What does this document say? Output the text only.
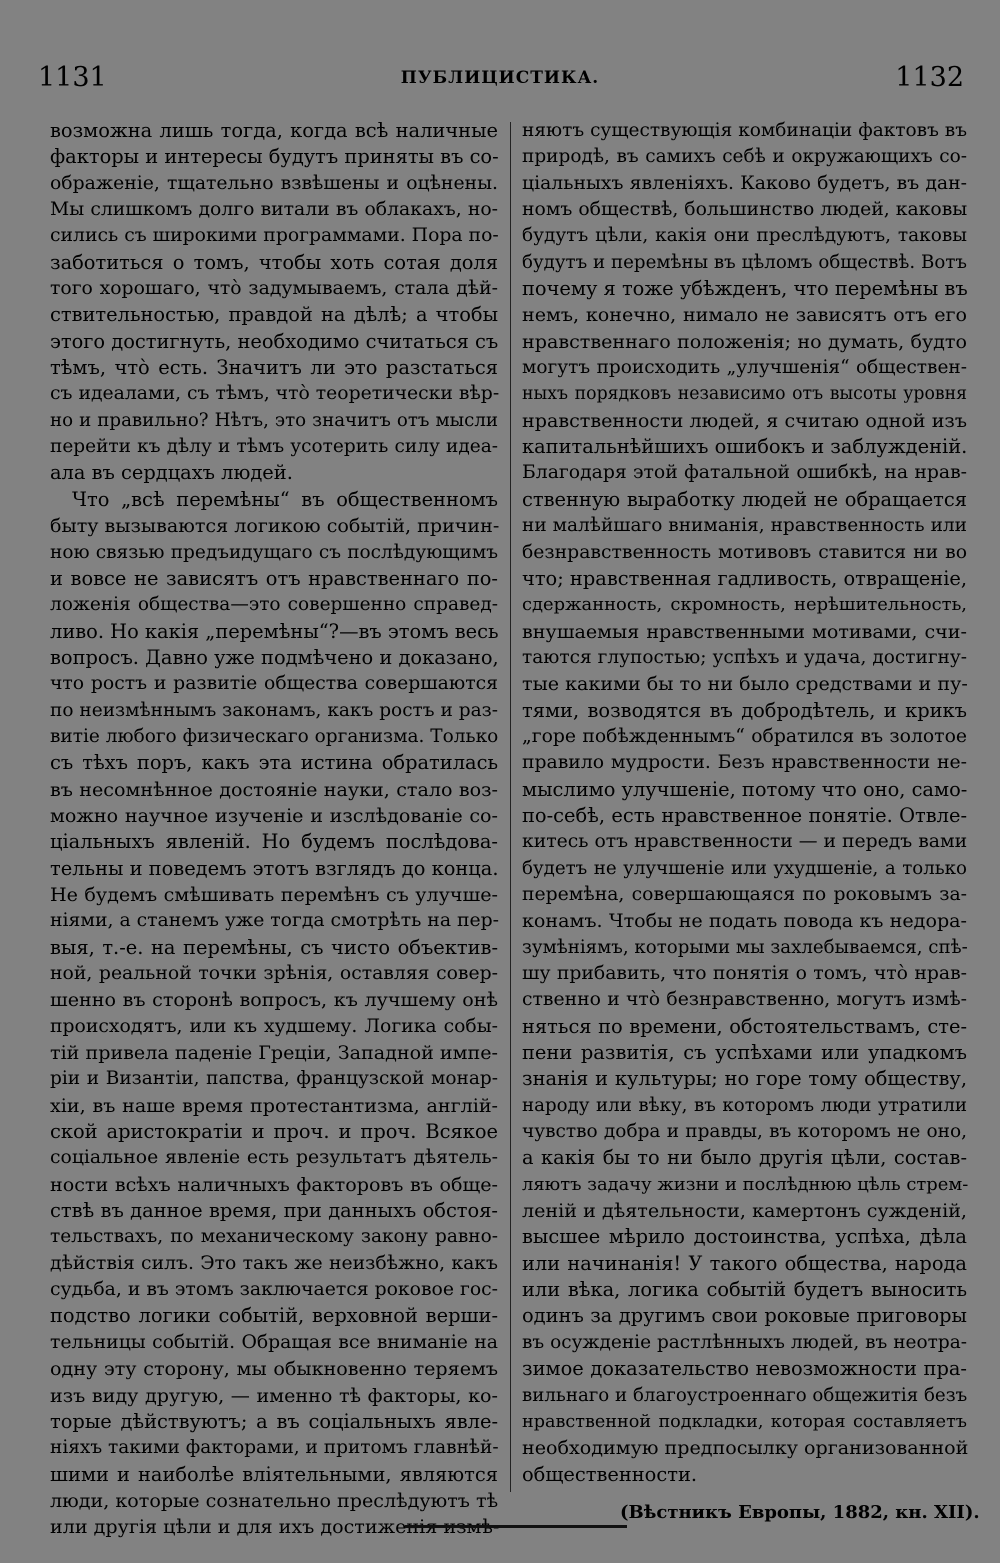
1131	ПУБЛИЦИСТИКА.	1132
возможна лишь тогда, когда всѣ наличные
факторы и интересы будутъ приняты въ со-
ображеніе, тщательно взвѣшены и оцѣнены.
Мы слишкомъ долго витали въ облакахъ, но-
сились съ широкими программами. Пора по-
заботиться о томъ, чтобы хоть сотая доля
того хорошаго, что̀ задумываемъ, стала дѣй-
ствительностью, правдой на дѣлѣ; а чтобы
этого достигнуть, необходимо считаться съ
тѣмъ, что̀ есть. Значитъ ли это разстаться
съ идеалами, съ тѣмъ, что̀ теоретически вѣр-
но и правильно? Нѣтъ, это значитъ отъ мысли
перейти къ дѣлу и тѣмъ усотерить силу идеа-
ала въ сердцахъ людей.
Что „всѣ перемѣны“ въ общественномъ
быту вызываются логикою событій, причин-
ною связью предъидущаго съ послѣдующимъ
и вовсе не зависятъ отъ нравственнаго по-
ложенія общества—это совершенно справед-
ливо. Но какія „перемѣны“?—въ этомъ весь
вопросъ. Давно уже подмѣчено и доказано,
что ростъ и развитіе общества совершаются
по неизмѣннымъ законамъ, какъ ростъ и раз-
витіе любого физическаго организма. Только
съ тѣхъ поръ, какъ эта истина обратилась
въ несомнѣнное достояніе науки, стало воз-
можно научное изученіе и изслѣдованіе со-
ціальныхъ явленій. Но будемъ послѣдова-
тельны и поведемъ этотъ взглядъ до конца.
Не будемъ смѣшивать перемѣнъ съ улучше-
ніями, а станемъ уже тогда смотрѣть на пер-
выя, т.-е. на перемѣны, съ чисто объектив-
ной, реальной точки зрѣнія, оставляя совер-
шенно въ сторонѣ вопросъ, къ лучшему онѣ
происходятъ, или къ худшему. Логика собы-
тій привела паденіе Греціи, Западной импе-
ріи и Византіи, папства, французской монар-
хіи, въ наше время протестантизма, англій-
ской аристократіи и проч. и проч. Всякое
соціальное явленіе есть результатъ дѣятель-
ности всѣхъ наличныхъ факторовъ въ обще-
ствѣ въ данное время, при данныхъ обстоя-
тельствахъ, по механическому закону равно-
дѣйствія силъ. Это такъ же неизбѣжно, какъ
судьба, и въ этомъ заключается роковое гос-
подство логики событій, верховной верши-
тельницы событій. Обращая все вниманіе на
одну эту сторону, мы обыкновенно теряемъ
изъ виду другую, — именно тѣ факторы, ко-
торые дѣйствуютъ; а въ соціальныхъ явле-
ніяхъ такими факторами, и притомъ главнѣй-
шими и наиболѣе вліятельными, являются
люди, которые сознательно преслѣдуютъ тѣ
или другія цѣли и для ихъ достиженія измѣ-
няютъ существующія комбинаціи фактовъ въ
природѣ, въ самихъ себѣ и окружающихъ со-
ціальныхъ явленіяхъ. Каково будетъ, въ дан-
номъ обществѣ, большинство людей, каковы
будутъ цѣли, какія они преслѣдуютъ, таковы
будутъ и перемѣны въ цѣломъ обществѣ. Вотъ
почему я тоже убѣжденъ, что перемѣны въ
немъ, конечно, нимало не зависятъ отъ его
нравственнаго положенія; но думать, будто
могутъ происходить „улучшенія“ обществен-
ныхъ порядковъ независимо отъ высоты уровня
нравственности людей, я считаю одной изъ
капитальнѣйшихъ ошибокъ и заблужденій.
Благодаря этой фатальной ошибкѣ, на нрав-
ственную выработку людей не обращается
ни малѣйшаго вниманія, нравственность или
безнравственность мотивовъ ставится ни во
что; нравственная гадливость, отвращеніе,
сдержанность, скромность, нерѣшительность,
внушаемыя нравственными мотивами, счи-
таются глупостью; успѣхъ и удача, достигну-
тые какими бы то ни было средствами и пу-
тями, возводятся въ добродѣтель, и крикъ
„горе побѣжденнымъ“ обратился въ золотое
правило мудрости. Безъ нравственности не-
мыслимо улучшеніе, потому что оно, само-
по-себѣ, есть нравственное понятіе. Отвле-
китесь отъ нравственности — и передъ вами
будетъ не улучшеніе или ухудшеніе, а только
перемѣна, совершающаяся по роковымъ за-
конамъ. Чтобы не подать повода къ недора-
зумѣніямъ, которыми мы захлебываемся, спѣ-
шу прибавить, что понятія о томъ, что̀ нрав-
ственно и что̀ безнравственно, могутъ измѣ-
няться по времени, обстоятельствамъ, сте-
пени развитія, съ успѣхами или упадкомъ
знанія и культуры; но горе тому обществу,
народу или вѣку, въ которомъ люди утратили
чувство добра и правды, въ которомъ не оно,
а какія бы то ни было другія цѣли, состав-
ляютъ задачу жизни и послѣднюю цѣль стрем-
леній и дѣятельности, камертонъ сужденій,
высшее мѣрило достоинства, успѣха, дѣла
или начинанія! У такого общества, народа
или вѣка, логика событій будетъ выносить
одинъ за другимъ свои роковые приговоры
въ осужденіе растлѣнныхъ людей, въ неотра-
зимое доказательство невозможности пра-
вильнаго и благоустроеннаго общежитія безъ
нравственной подкладки, которая составляетъ
необходимую предпосылку организованной
общественности.
(Вѣстникъ Европы, 1882, кн. XII).
